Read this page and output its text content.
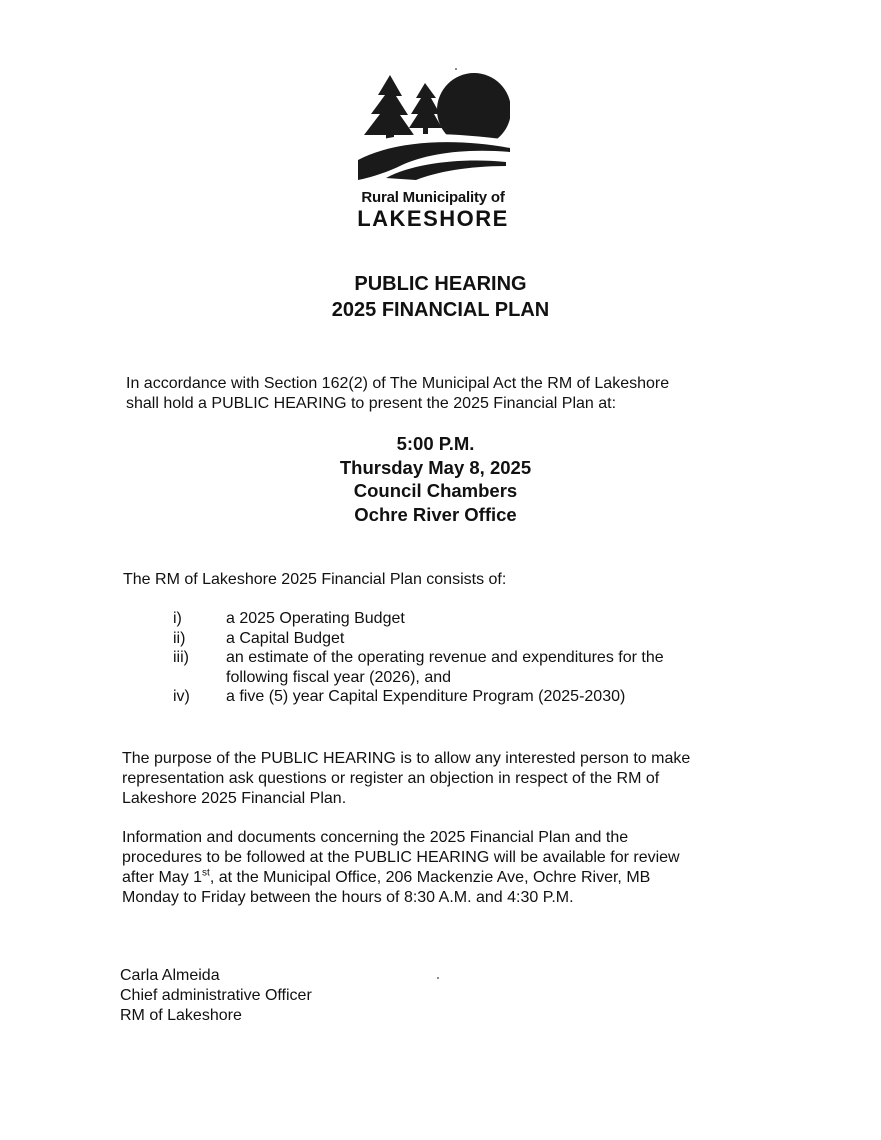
Rural Municipality of
LAKESHORE
PUBLIC HEARING
2025 FINANCIAL PLAN
In accordance with Section 162(2) of The Municipal Act the RM of Lakeshore
shall hold a PUBLIC HEARING to present the 2025 Financial Plan at:
5:00 P.M.
Thursday May 8, 2025
Council Chambers
Ochre River Office
The RM of Lakeshore 2025 Financial Plan consists of:
i)	a 2025 Operating Budget
ii)	a Capital Budget
iii)	an estimate of the operating revenue and expenditures for the
following fiscal year (2026), and
iv)	a five (5) year Capital Expenditure Program (2025-2030)
The purpose of the PUBLIC HEARING is to allow any interested person to make
representation ask questions or register an objection in respect of the RM of
Lakeshore 2025 Financial Plan.
Information and documents concerning the 2025 Financial Plan and the
procedures to be followed at the PUBLIC HEARING will be available for review
after May 1st, at the Municipal Office, 206 Mackenzie Ave, Ochre River, MB
Monday to Friday between the hours of 8:30 A.M. and 4:30 P.M.
Carla Almeida
Chief administrative Officer
RM of Lakeshore
